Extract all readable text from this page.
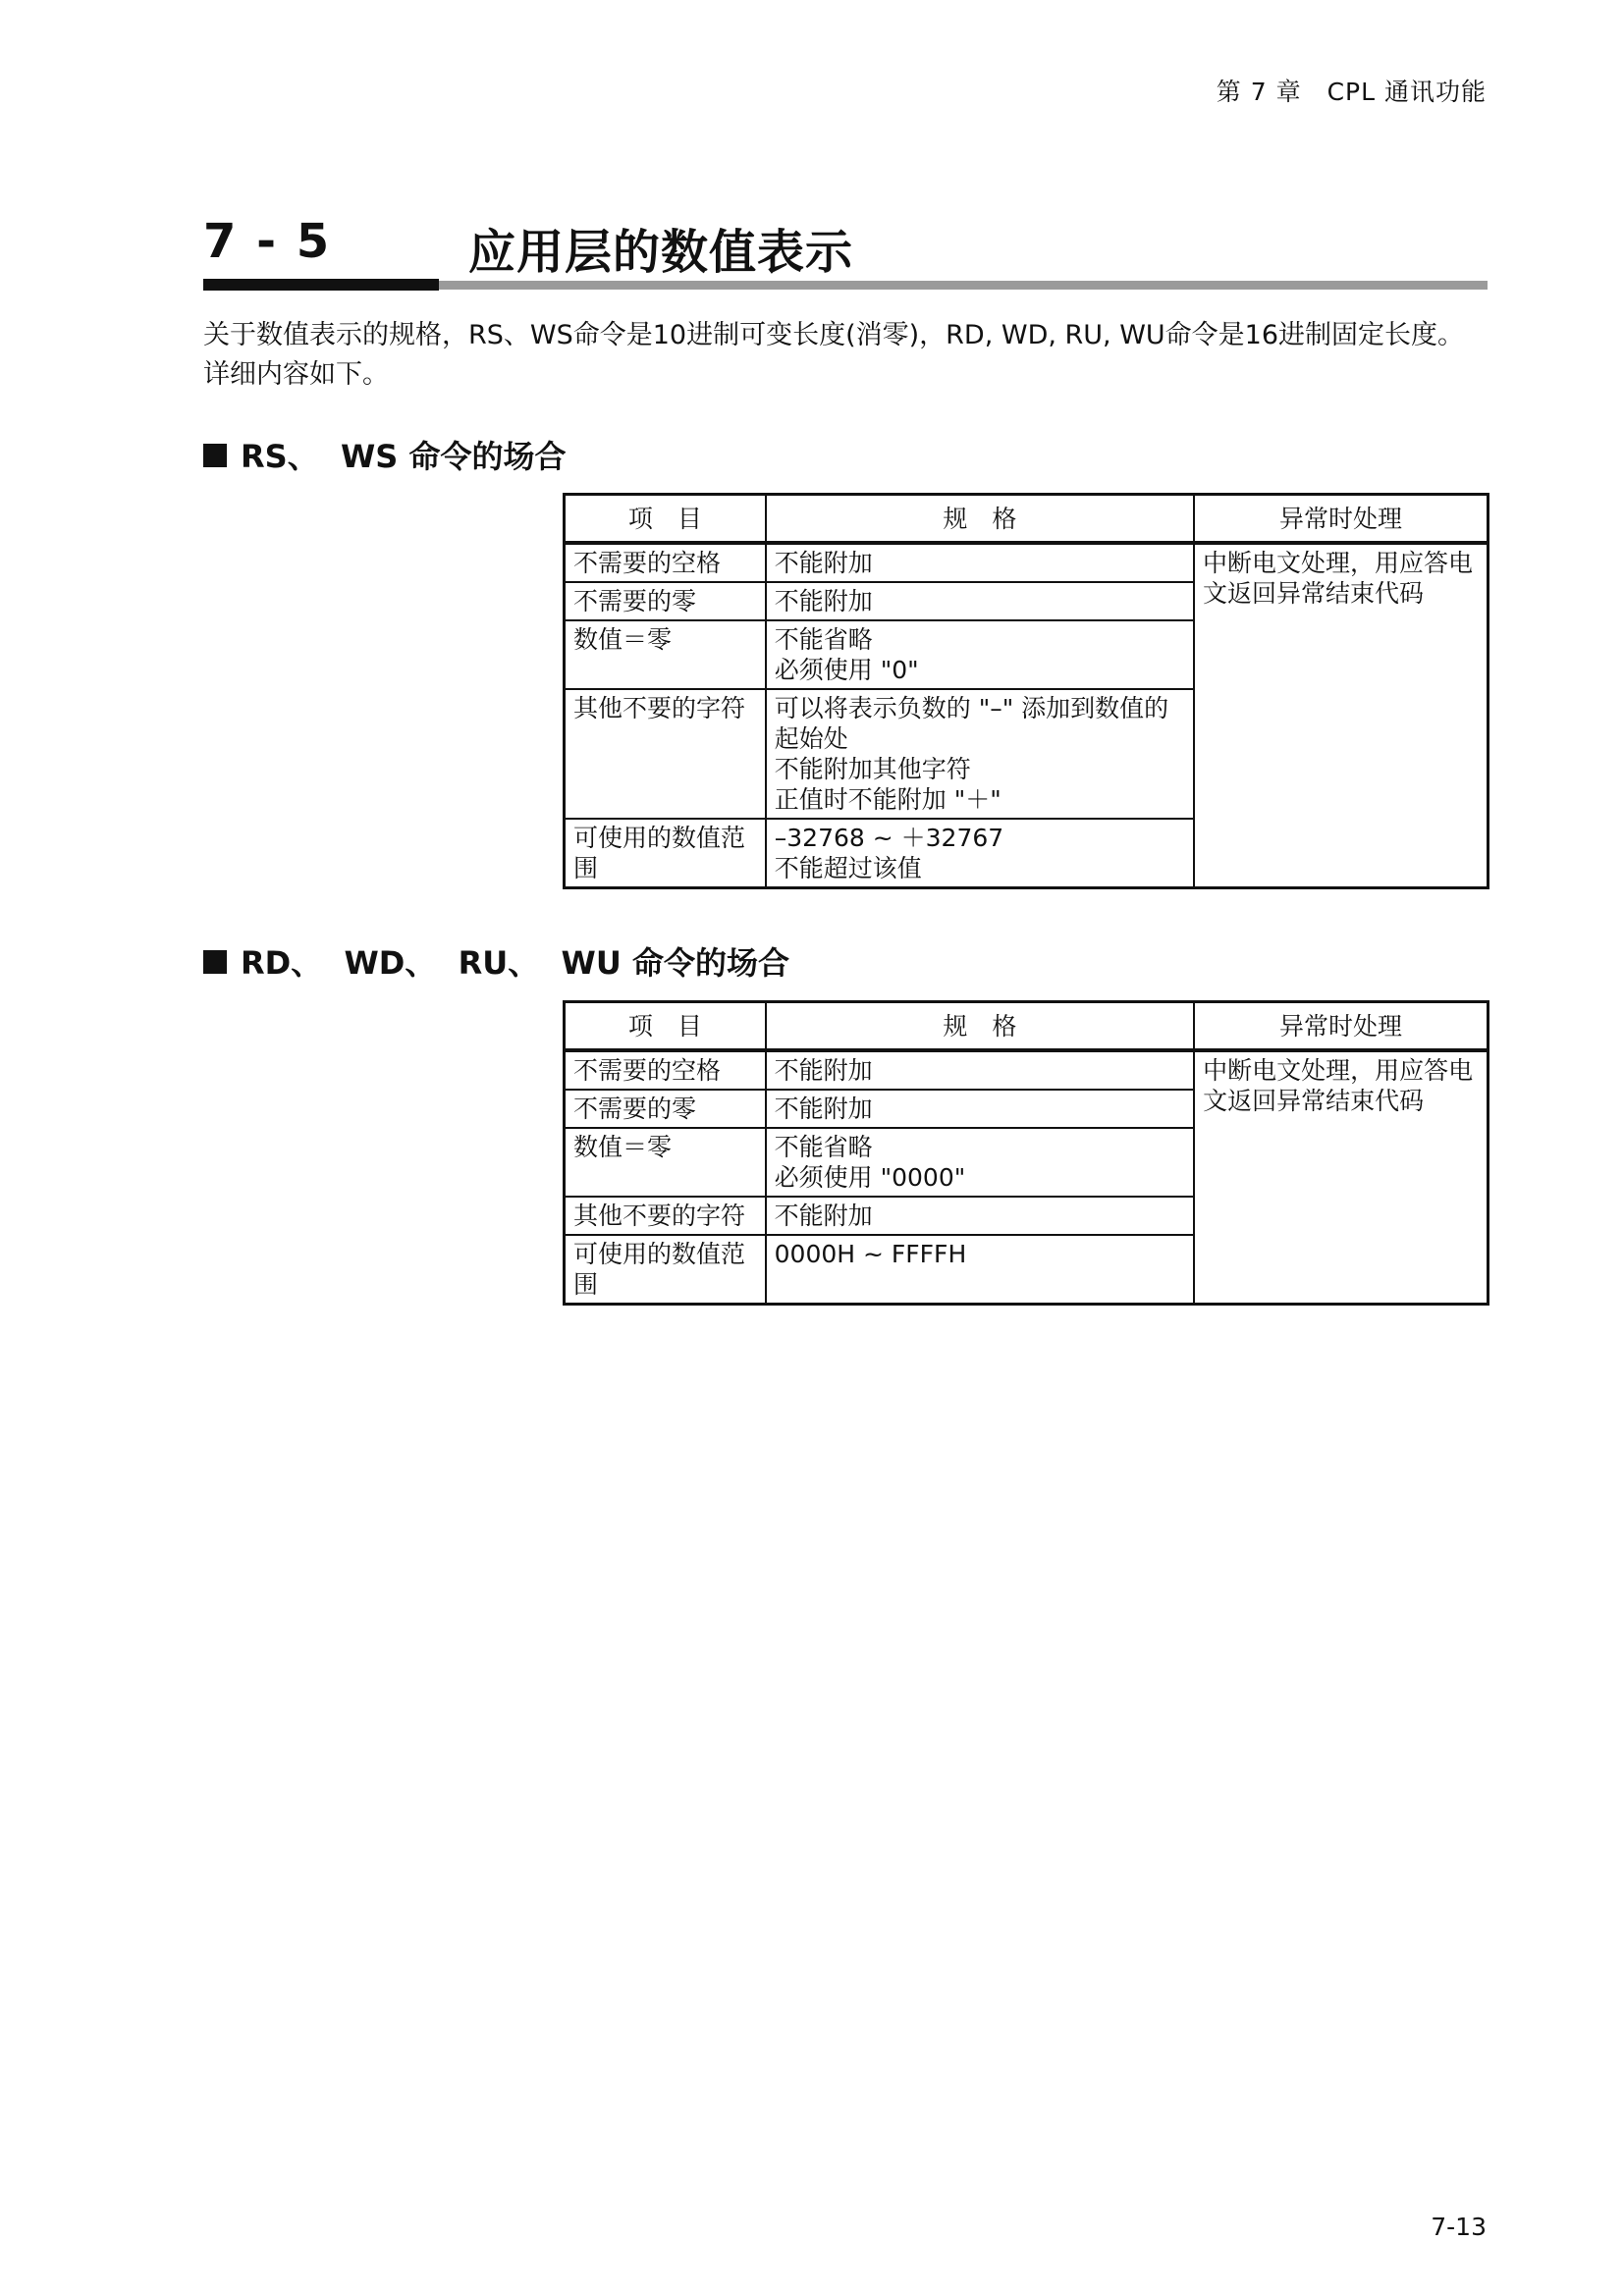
第 7 章　CPL 通讯功能
7 - 5	应用层的数值表示

关于数值表示的规格，RS、WS命令是10进制可变长度(消零)，RD, WD, RU, WU命令是16进制固定长度。

详细内容如下。

RS、  WS 命令的场合
项　目	规　格	异常时处理
不需要的空格	不能附加	中断电文处理，用应答电文返回异常结束代码
不需要的零	不能附加	

数值＝零	不能省略
必须使用 "0"	

其他不要的字符	可以将表示负数的 "–" 添加到数值的起始处
不能附加其他字符
正值时不能附加 "＋"	

可使用的数值范围	–32768 ~ ＋32767
不能超过该值	
RD、  WD、  RU、  WU 命令的场合
项　目	规　格	异常时处理
不需要的空格	不能附加	中断电文处理，用应答电文返回异常结束代码
不需要的零	不能附加	

数值＝零	不能省略
必须使用 "0000"	

其他不要的字符	不能附加	

可使用的数值范围	0000H ~ FFFFH	
7-13
